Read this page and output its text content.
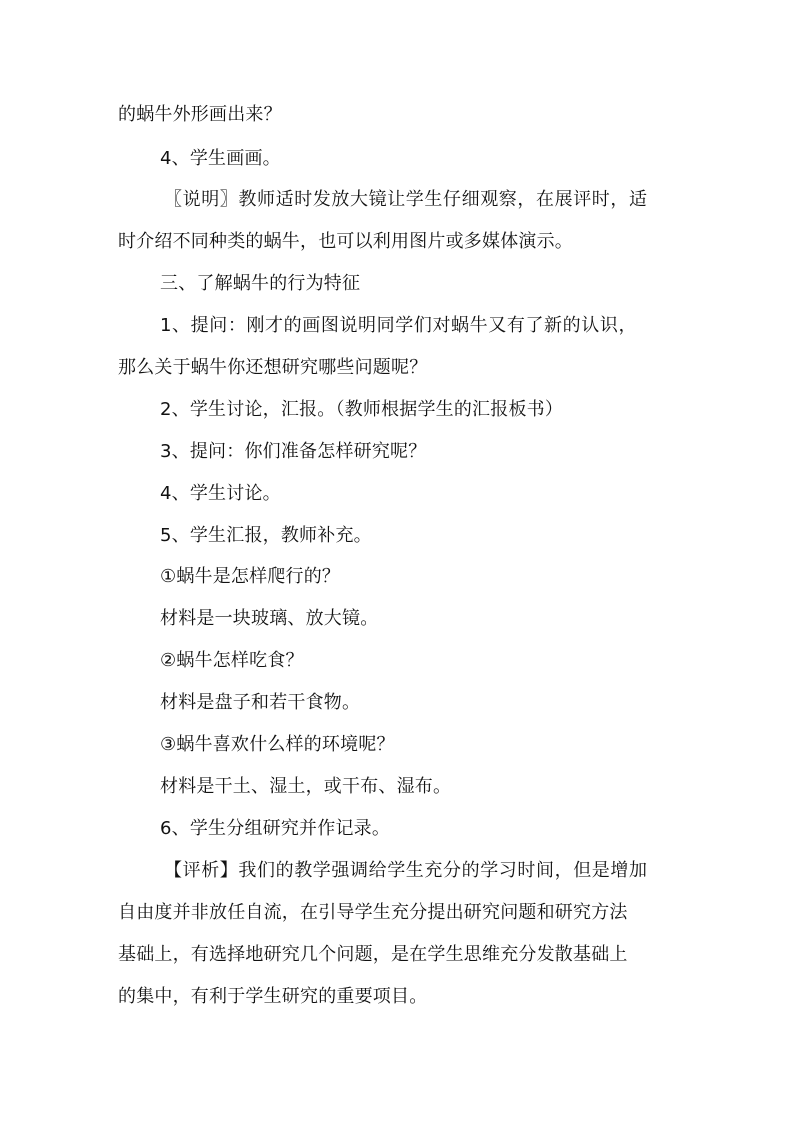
的蜗牛外形画出来？
4、学生画画。
〖说明〗教师适时发放大镜让学生仔细观察，在展评时，适
时介绍不同种类的蜗牛，也可以利用图片或多媒体演示。
三、了解蜗牛的行为特征
1、提问：刚才的画图说明同学们对蜗牛又有了新的认识，
那么关于蜗牛你还想研究哪些问题呢？
2、学生讨论，汇报。（教师根据学生的汇报板书）
3、提问：你们准备怎样研究呢？
4、学生讨论。
5、学生汇报，教师补充。
①蜗牛是怎样爬行的？
材料是一块玻璃、放大镜。
②蜗牛怎样吃食？
材料是盘子和若干食物。
③蜗牛喜欢什么样的环境呢？
材料是干土、湿土，或干布、湿布。
6、学生分组研究并作记录。
【评析】我们的教学强调给学生充分的学习时间，但是增加
自由度并非放任自流，在引导学生充分提出研究问题和研究方法
基础上，有选择地研究几个问题，是在学生思维充分发散基础上
的集中，有利于学生研究的重要项目。
